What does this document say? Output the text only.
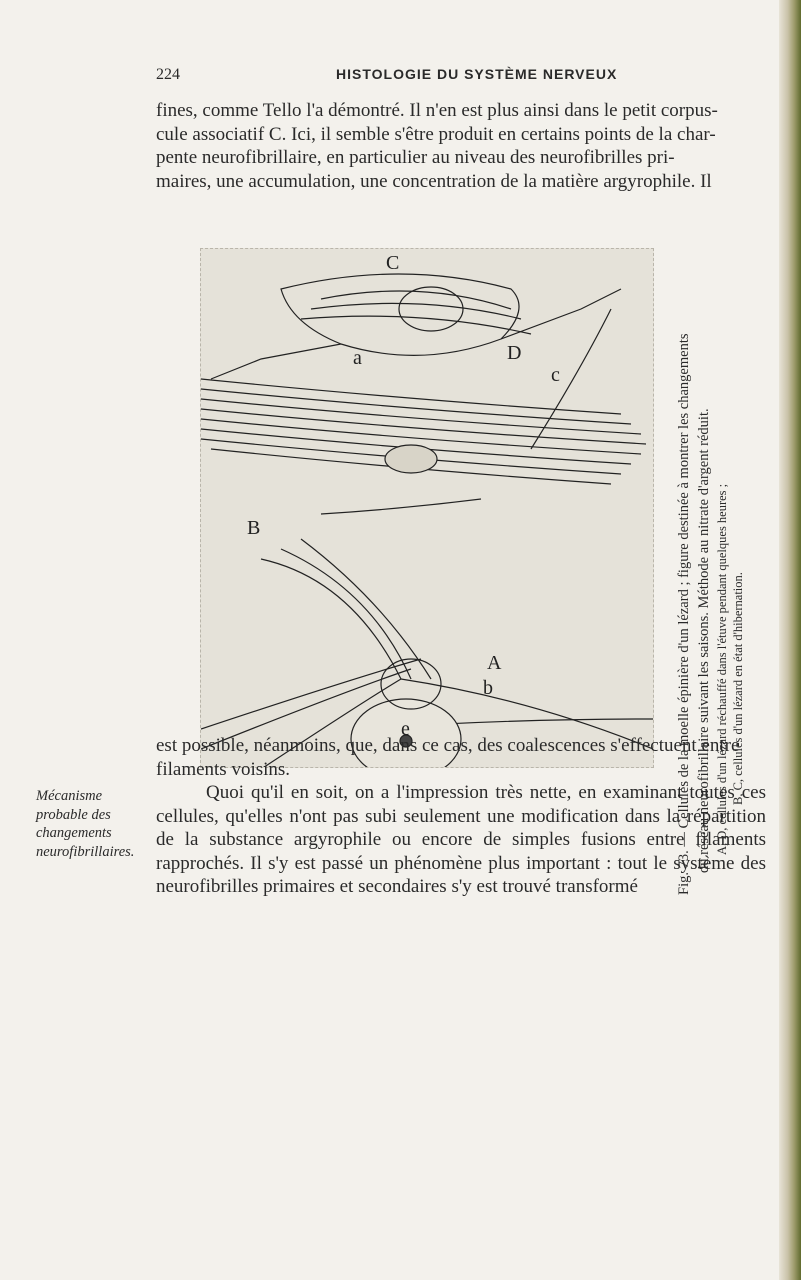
224	HISTOLOGIE DU SYSTÈME NERVEUX
fines, comme Tello l'a démontré. Il n'en est plus ainsi dans le petit corpus-
cule associatif C. Ici, il semble s'être produit en certains points de la char-
pente neurofibrillaire, en particulier au niveau des neurofibrilles pri-
maires, une accumulation, une concentration de la matière argyrophile. Il
C
D
B
A
a
b
c
e	Fig. 73. — Cellules de la moelle épinière d'un lézard ; figure destinée à montrer les changements du réseau neurofibrillaire suivant les saisons. Méthode au nitrate d'argent réduit. A, D, cellules d'un lézard réchauffé dans l'étuve pendant quelques heures ; B, C, cellules d'un lézard en état d'hibernation.

est possible, néanmoins, que, dans ce cas, des coalescences s'effectuent entre
filaments voisins.
Quoi qu'il en soit, on a l'impression très nette, en examinant toutes ces cellules, qu'elles n'ont pas subi seulement une modification dans la répartition de la substance argyrophile ou encore de simples fusions entre filaments rapprochés. Il s'y est passé un phénomène plus important : tout le système des neurofibrilles primaires et secondaires s'y est trouvé transformé
Mécanisme probable des changements neurofibrillaires.
